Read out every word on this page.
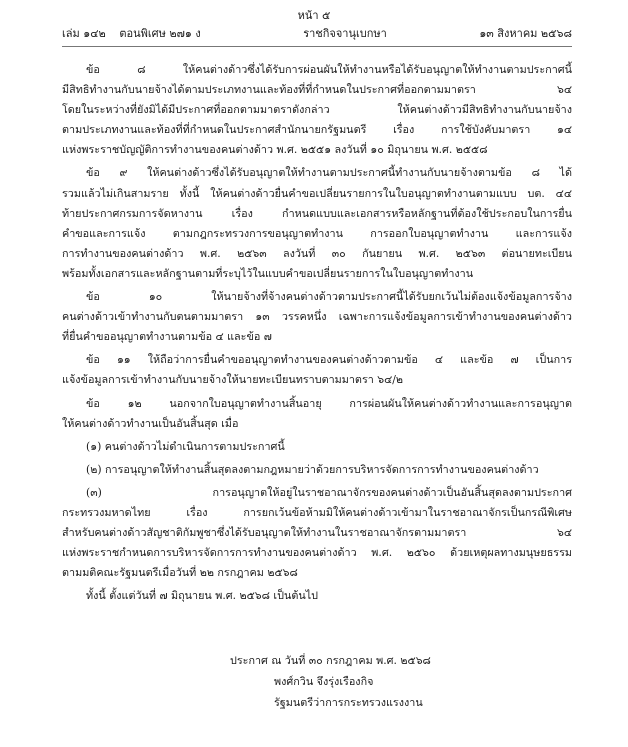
หน้า ๕
เล่ม ๑๔๒ ตอนพิเศษ ๒๗๑ ง	ราชกิจจานุเบกษา	๑๓ สิงหาคม ๒๕๖๘
ข้อ ๘ ให้คนต่างด้าวซึ่งได้รับการผ่อนผันให้ทำงานหรือได้รับอนุญาตให้ทำงานตามประกาศนี้
มีสิทธิทำงานกับนายจ้างได้ตามประเภทงานและท้องที่ที่กำหนดในประกาศที่ออกตามมาตรา ๖๔
โดยในระหว่างที่ยังมิได้มีประกาศที่ออกตามมาตราดังกล่าว ให้คนต่างด้าวมีสิทธิทำงานกับนายจ้าง
ตามประเภทงานและท้องที่ที่กำหนดในประกาศสำนักนายกรัฐมนตรี เรื่อง การใช้บังคับมาตรา ๑๔
แห่งพระราชบัญญัติการทำงานของคนต่างด้าว พ.ศ. ๒๕๕๑ ลงวันที่ ๑๐ มิถุนายน พ.ศ. ๒๕๕๘
ข้อ ๙ ให้คนต่างด้าวซึ่งได้รับอนุญาตให้ทำงานตามประกาศนี้ทำงานกับนายจ้างตามข้อ ๘ ได้
รวมแล้วไม่เกินสามราย ทั้งนี้ ให้คนต่างด้าวยื่นคำขอเปลี่ยนรายการในใบอนุญาตทำงานตามแบบ บต. ๔๔
ท้ายประกาศกรมการจัดหางาน เรื่อง กำหนดแบบและเอกสารหรือหลักฐานที่ต้องใช้ประกอบในการยื่น
คำขอและการแจ้ง ตามกฎกระทรวงการขอนุญาตทำงาน การออกใบอนุญาตทำงาน และการแจ้ง
การทำงานของคนต่างด้าว พ.ศ. ๒๕๖๓ ลงวันที่ ๓๐ กันยายน พ.ศ. ๒๕๖๓ ต่อนายทะเบียน
พร้อมทั้งเอกสารและหลักฐานตามที่ระบุไว้ในแบบคำขอเปลี่ยนรายการในใบอนุญาตทำงาน
ข้อ ๑๐ ให้นายจ้างที่จ้างคนต่างด้าวตามประกาศนี้ได้รับยกเว้นไม่ต้องแจ้งข้อมูลการจ้าง
คนต่างด้าวเข้าทำงานกับตนตามมาตรา ๑๓ วรรคหนึ่ง เฉพาะการแจ้งข้อมูลการเข้าทำงานของคนต่างด้าว
ที่ยื่นคำขออนุญาตทำงานตามข้อ ๔ และข้อ ๗
ข้อ ๑๑ ให้ถือว่าการยื่นคำขออนุญาตทำงานของคนต่างด้าวตามข้อ ๔ และข้อ ๗ เป็นการ
แจ้งข้อมูลการเข้าทำงานกับนายจ้างให้นายทะเบียนทราบตามมาตรา ๖๔/๒
ข้อ ๑๒ นอกจากใบอนุญาตทำงานสิ้นอายุ การผ่อนผันให้คนต่างด้าวทำงานและการอนุญาต
ให้คนต่างด้าวทำงานเป็นอันสิ้นสุด เมื่อ
(๑) คนต่างด้าวไม่ดำเนินการตามประกาศนี้
(๒) การอนุญาตให้ทำงานสิ้นสุดลงตามกฎหมายว่าด้วยการบริหารจัดการการทำงานของคนต่างด้าว
(๓) การอนุญาตให้อยู่ในราชอาณาจักรของคนต่างด้าวเป็นอันสิ้นสุดลงตามประกาศ
กระทรวงมหาดไทย เรื่อง การยกเว้นข้อห้ามมิให้คนต่างด้าวเข้ามาในราชอาณาจักรเป็นกรณีพิเศษ
สำหรับคนต่างด้าวสัญชาติกัมพูชาซึ่งได้รับอนุญาตให้ทำงานในราชอาณาจักรตามมาตรา ๖๔
แห่งพระราชกำหนดการบริหารจัดการการทำงานของคนต่างด้าว พ.ศ. ๒๕๖๐ ด้วยเหตุผลทางมนุษยธรรม
ตามมติคณะรัฐมนตรีเมื่อวันที่ ๒๒ กรกฎาคม ๒๕๖๘
ทั้งนี้ ตั้งแต่วันที่ ๗ มิถุนายน พ.ศ. ๒๕๖๘ เป็นต้นไป
ประกาศ ณ วันที่ ๓๐ กรกฎาคม พ.ศ. ๒๕๖๘
พงศ์กวิน จึงรุ่งเรืองกิจ
รัฐมนตรีว่าการกระทรวงแรงงาน
